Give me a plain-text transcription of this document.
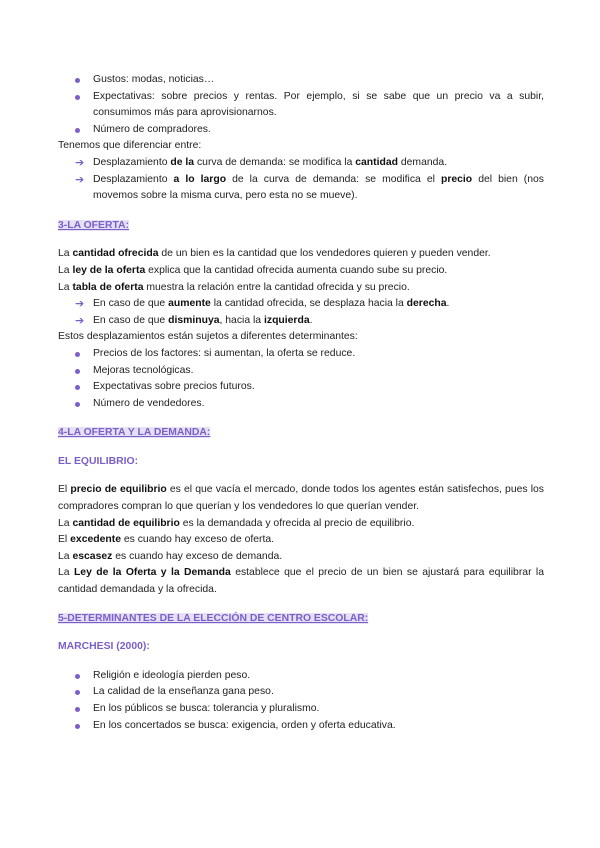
Gustos: modas, noticias…
Expectativas: sobre precios y rentas. Por ejemplo, si se sabe que un precio va a subir, consumimos más para aprovisionarnos.
Número de compradores.

Tenemos que diferenciar entre:

➔ Desplazamiento de la curva de demanda: se modifica la cantidad demanda.
➔ Desplazamiento a lo largo de la curva de demanda: se modifica el precio del bien (nos movemos sobre la misma curva, pero esta no se mueve).

3-LA OFERTA:

La cantidad ofrecida de un bien es la cantidad que los vendedores quieren y pueden vender.

La ley de la oferta explica que la cantidad ofrecida aumenta cuando sube su precio.

La tabla de oferta muestra la relación entre la cantidad ofrecida y su precio.

➔ En caso de que aumente la cantidad ofrecida, se desplaza hacia la derecha.
➔ En caso de que disminuya, hacia la izquierda.

Estos desplazamientos están sujetos a diferentes determinantes:

Precios de los factores: si aumentan, la oferta se reduce.
Mejoras tecnológicas.
Expectativas sobre precios futuros.
Número de vendedores.

4-LA OFERTA Y LA DEMANDA:

EL EQUILIBRIO:

El precio de equilibrio es el que vacía el mercado, donde todos los agentes están satisfechos, pues los compradores compran lo que querían y los vendedores lo que querían vender.

La cantidad de equilibrio es la demandada y ofrecida al precio de equilibrio.

El excedente es cuando hay exceso de oferta.

La escasez es cuando hay exceso de demanda.

La Ley de la Oferta y la Demanda establece que el precio de un bien se ajustará para equilibrar la cantidad demandada y la ofrecida.

5-DETERMINANTES DE LA ELECCIÓN DE CENTRO ESCOLAR:

MARCHESI (2000):

Religión e ideología pierden peso.
La calidad de la enseñanza gana peso.
En los públicos se busca: tolerancia y pluralismo.
En los concertados se busca: exigencia, orden y oferta educativa.
